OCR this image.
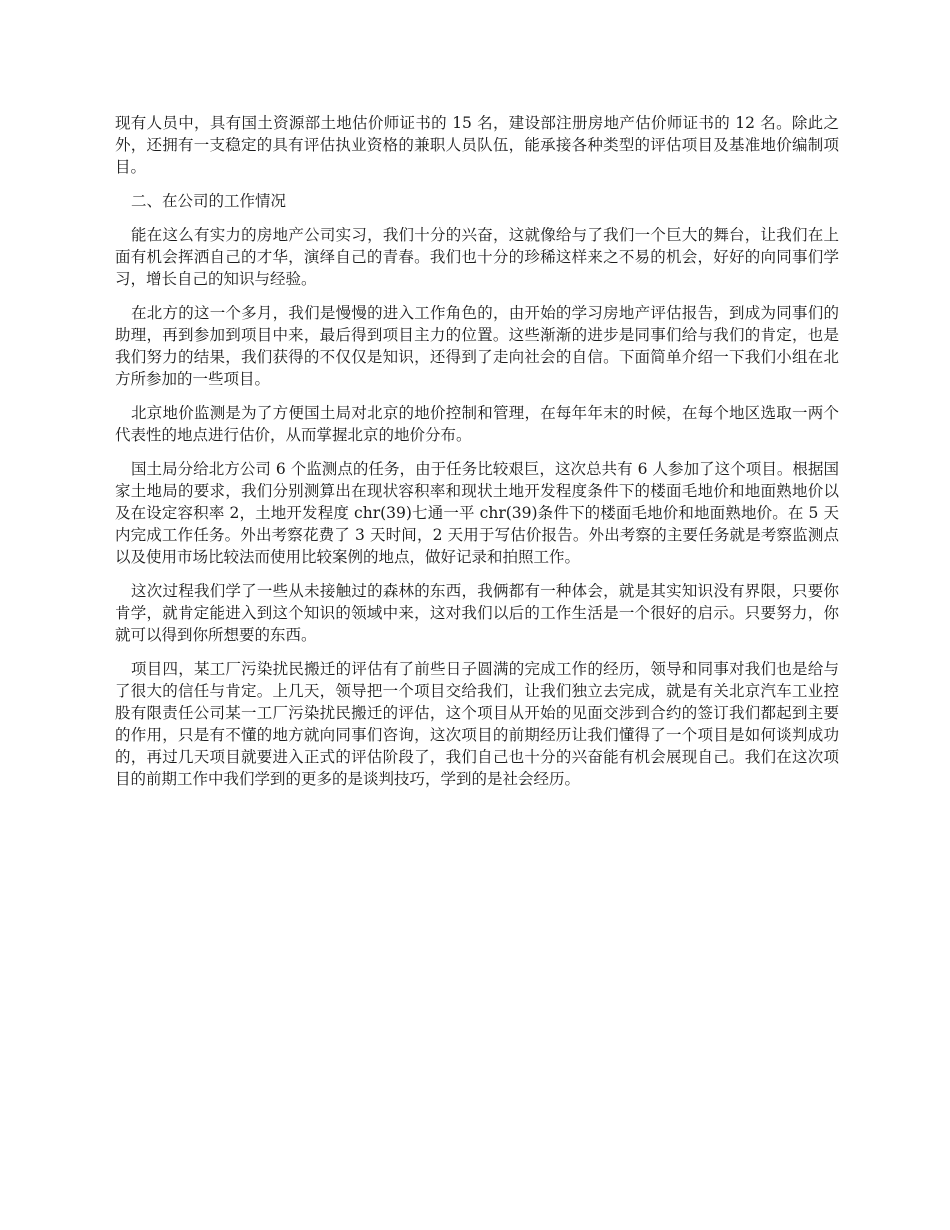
现有人员中，具有国土资源部土地估价师证书的 15 名，建设部注册房地产估价师证书的 12 名。除此之外，还拥有一支稳定的具有评估执业资格的兼职人员队伍，能承接各种类型的评估项目及基准地价编制项目。

二、在公司的工作情况

能在这么有实力的房地产公司实习，我们十分的兴奋，这就像给与了我们一个巨大的舞台，让我们在上面有机会挥洒自己的才华，演绎自己的青春。我们也十分的珍稀这样来之不易的机会，好好的向同事们学习，增长自己的知识与经验。

在北方的这一个多月，我们是慢慢的进入工作角色的，由开始的学习房地产评估报告，到成为同事们的助理，再到参加到项目中来，最后得到项目主力的位置。这些渐渐的进步是同事们给与我们的肯定，也是我们努力的结果，我们获得的不仅仅是知识，还得到了走向社会的自信。下面简单介绍一下我们小组在北方所参加的一些项目。

北京地价监测是为了方便国土局对北京的地价控制和管理，在每年年末的时候，在每个地区选取一两个代表性的地点进行估价，从而掌握北京的地价分布。

国土局分给北方公司 6 个监测点的任务，由于任务比较艰巨，这次总共有 6 人参加了这个项目。根据国家土地局的要求，我们分别测算出在现状容积率和现状土地开发程度条件下的楼面毛地价和地面熟地价以及在设定容积率 2，土地开发程度 chr(39)七通一平 chr(39)条件下的楼面毛地价和地面熟地价。在 5 天内完成工作任务。外出考察花费了 3 天时间，2 天用于写估价报告。外出考察的主要任务就是考察监测点以及使用市场比较法而使用比较案例的地点，做好记录和拍照工作。

这次过程我们学了一些从未接触过的森林的东西，我俩都有一种体会，就是其实知识没有界限，只要你肯学，就肯定能进入到这个知识的领域中来，这对我们以后的工作生活是一个很好的启示。只要努力，你就可以得到你所想要的东西。

项目四，某工厂污染扰民搬迁的评估有了前些日子圆满的完成工作的经历，领导和同事对我们也是给与了很大的信任与肯定。上几天，领导把一个项目交给我们，让我们独立去完成，就是有关北京汽车工业控股有限责任公司某一工厂污染扰民搬迁的评估，这个项目从开始的见面交涉到合约的签订我们都起到主要的作用，只是有不懂的地方就向同事们咨询，这次项目的前期经历让我们懂得了一个项目是如何谈判成功的，再过几天项目就要进入正式的评估阶段了，我们自己也十分的兴奋能有机会展现自己。我们在这次项目的前期工作中我们学到的更多的是谈判技巧，学到的是社会经历。
